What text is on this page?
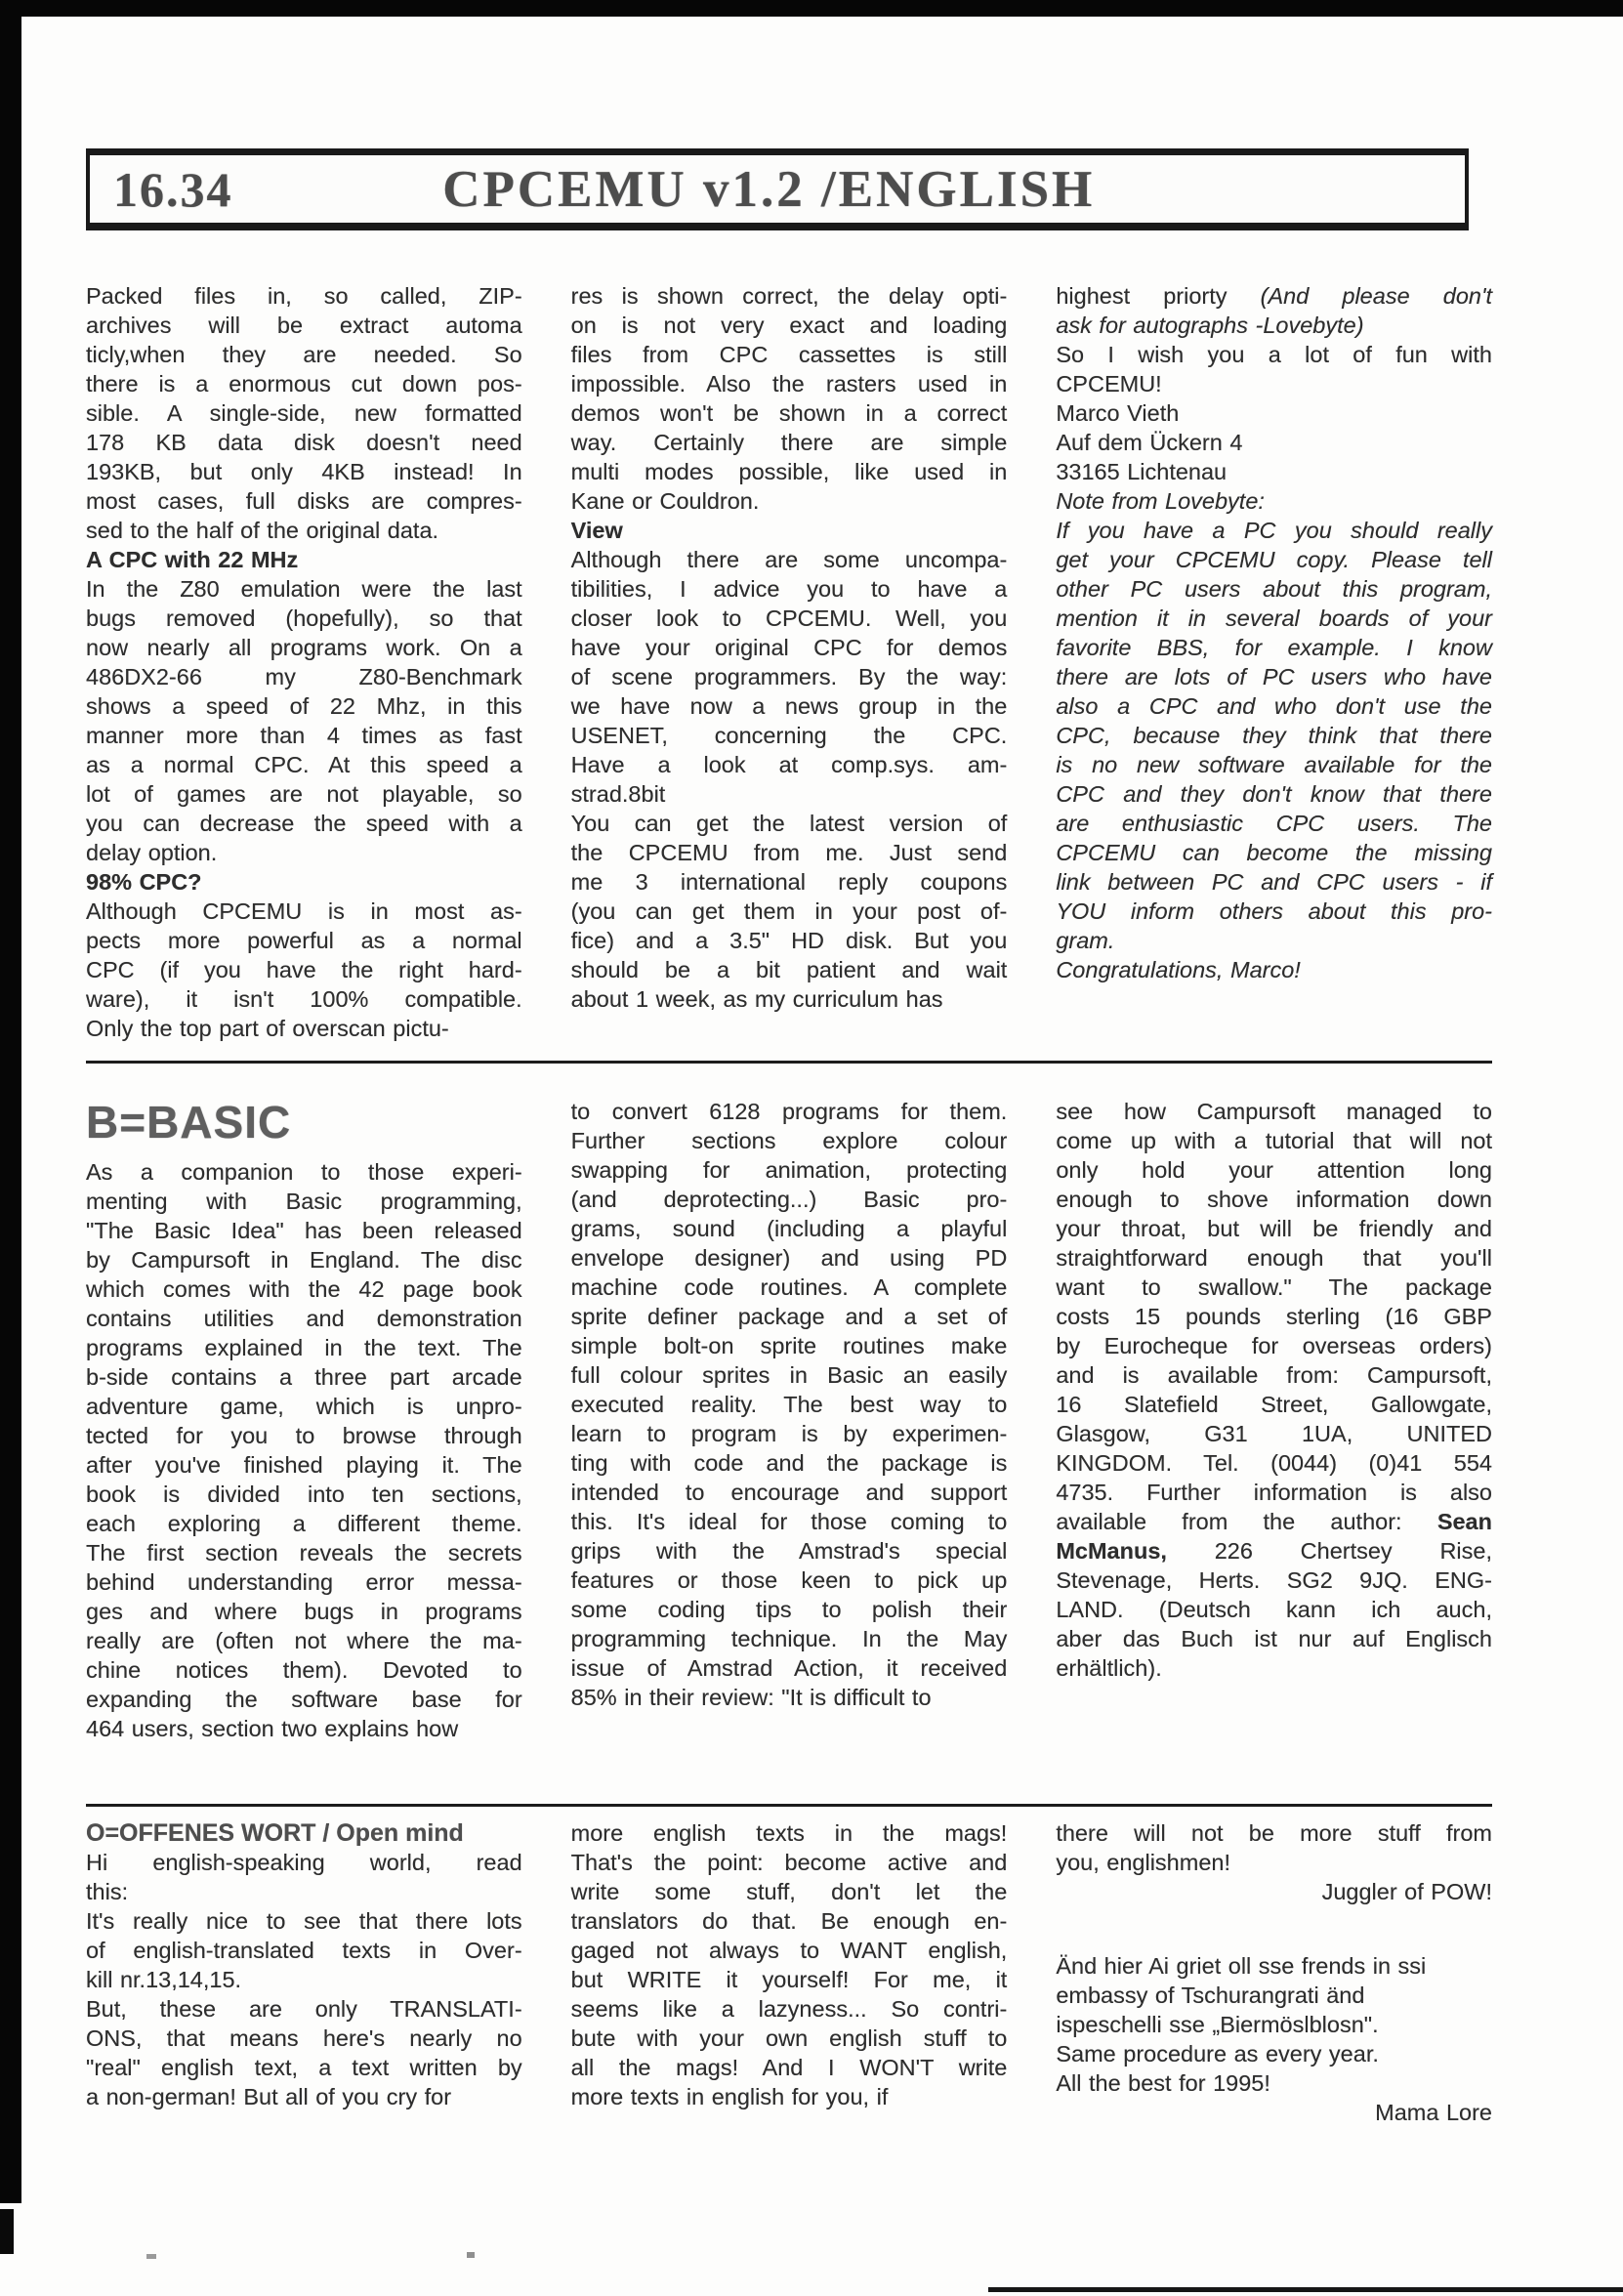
16.34	CPCEMU v1.2 /ENGLISH
Packed files in, so called, ZIP-
archives will be extract automa
ticly,when they are needed. So
there is a enormous cut down pos-
sible. A single-side, new formatted
178 KB data disk doesn't need
193KB, but only 4KB instead! In
most cases, full disks are compres-
sed to the half of the original data.
A CPC with 22 MHz
In the Z80 emulation were the last
bugs removed (hopefully), so that
now nearly all programs work. On a
486DX2-66 my Z80-Benchmark
shows a speed of 22 Mhz, in this
manner more than 4 times as fast
as a normal CPC. At this speed a
lot of games are not playable, so
you can decrease the speed with a
delay option.
98% CPC?
Although CPCEMU is in most as-
pects more powerful as a normal
CPC (if you have the right hard-
ware), it isn't 100% compatible.
Only the top part of overscan pictu-
res is shown correct, the delay opti-
on is not very exact and loading
files from CPC cassettes is still
impossible. Also the rasters used in
demos won't be shown in a correct
way. Certainly there are simple
multi modes possible, like used in
Kane or Couldron.
View
Although there are some uncompa-
tibilities, I advice you to have a
closer look to CPCEMU. Well, you
have your original CPC for demos
of scene programmers. By the way:
we have now a news group in the
USENET, concerning the CPC.
Have a look at comp.sys. am-
strad.8bit
You can get the latest version of
the CPCEMU from me. Just send
me 3 international reply coupons
(you can get them in your post of-
fice) and a 3.5" HD disk. But you
should be a bit patient and wait
about 1 week, as my curriculum has
highest priorty (And please don't
ask for autographs -Lovebyte)
So I wish you a lot of fun with
CPCEMU!
Marco Vieth
Auf dem Ückern 4
33165 Lichtenau
Note from Lovebyte:
If you have a PC you should really
get your CPCEMU copy. Please tell
other PC users about this program,
mention it in several boards of your
favorite BBS, for example. I know
there are lots of PC users who have
also a CPC and who don't use the
CPC, because they think that there
is no new software available for the
CPC and they don't know that there
are enthusiastic CPC users. The
CPCEMU can become the missing
link between PC and CPC users - if
YOU inform others about this pro-
gram.
Congratulations, Marco!
B=BASIC
As a companion to those experi-
menting with Basic programming,
"The Basic Idea" has been released
by Campursoft in England. The disc
which comes with the 42 page book
contains utilities and demonstration
programs explained in the text. The
b-side contains a three part arcade
adventure game, which is unpro-
tected for you to browse through
after you've finished playing it. The
book is divided into ten sections,
each exploring a different theme.
The first section reveals the secrets
behind understanding error messa-
ges and where bugs in programs
really are (often not where the ma-
chine notices them). Devoted to
expanding the software base for
464 users, section two explains how
to convert 6128 programs for them.
Further sections explore colour
swapping for animation, protecting
(and deprotecting...) Basic pro-
grams, sound (including a playful
envelope designer) and using PD
machine code routines. A complete
sprite definer package and a set of
simple bolt-on sprite routines make
full colour sprites in Basic an easily
executed reality. The best way to
learn to program is by experimen-
ting with code and the package is
intended to encourage and support
this. It's ideal for those coming to
grips with the Amstrad's special
features or those keen to pick up
some coding tips to polish their
programming technique. In the May
issue of Amstrad Action, it received
85% in their review: "It is difficult to
see how Campursoft managed to
come up with a tutorial that will not
only hold your attention long
enough to shove information down
your throat, but will be friendly and
straightforward enough that you'll
want to swallow." The package
costs 15 pounds sterling (16 GBP
by Eurocheque for overseas orders)
and is available from: Campursoft,
16 Slatefield Street, Gallowgate,
Glasgow, G31 1UA, UNITED
KINGDOM. Tel. (0044) (0)41 554
4735. Further information is also
available from the author: Sean
McManus, 226 Chertsey Rise,
Stevenage, Herts. SG2 9JQ. ENG-
LAND. (Deutsch kann ich auch,
aber das Buch ist nur auf Englisch
erhältlich).
O=OFFENES WORT / Open mind
Hi english-speaking world, read
this:
It's really nice to see that there lots
of english-translated texts in Over-
kill nr.13,14,15.
But, these are only TRANSLATI-
ONS, that means here's nearly no
"real" english text, a text written by
a non-german! But all of you cry for
more english texts in the mags!
That's the point: become active and
write some stuff, don't let the
translators do that. Be enough en-
gaged not always to WANT english,
but WRITE it yourself! For me, it
seems like a lazyness... So contri-
bute with your own english stuff to
all the mags! And I WON'T write
more texts in english for you, if
there will not be more stuff from
you, englishmen!
Juggler of POW!
Änd hier Ai griet oll sse frends in ssi
embassy of Tschurangrati änd
ispeschelli sse „Biermöslblosn".
Same procedure as every year.
All the best for 1995!
Mama Lore
